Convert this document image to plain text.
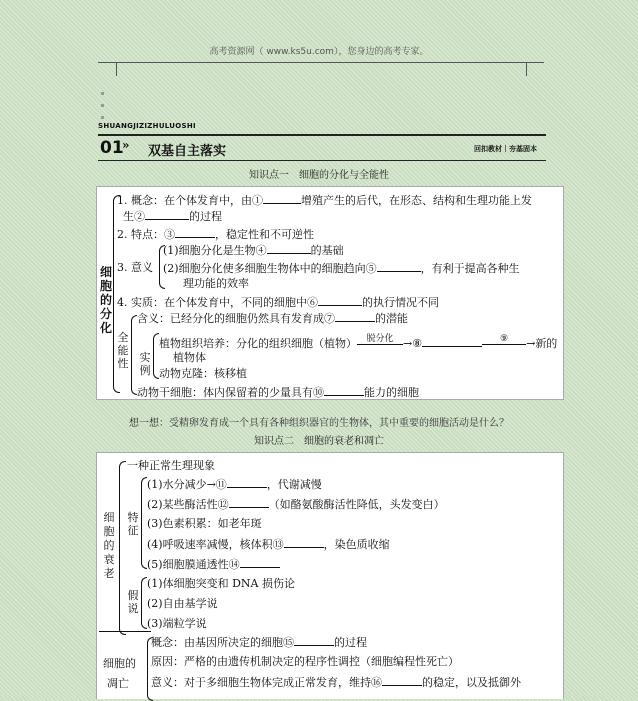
高考资源网（ www.ks5u.com），您身边的高考专家。
SHUANGJIZIZHULUOSHI
01
» 双基自主落实	回扣教材｜夯基固本
知识点一　细胞的分化与全能性
细
胞
的
分
化
1. 概念：在个体发育中，由①	增殖产生的后代，在形态、结构和生理功能上发
生②	的过程
2. 特点：③	，稳定性和不可逆性
3. 意义
(1)细胞分化是生物④	的基础
(2)细胞分化使多细胞生物体中的细胞趋向⑤	，有利于提高各种生
理功能的效率
4. 实质：在个体发育中，不同的细胞中⑥	的执行情况不同
全
能
性
含义：已经分化的细胞仍然具有发育成⑦	的潜能
实
例
植物组织培养：分化的组织细胞（植物） 脱分化 →⑧	⑨ →新的
植物体
动物克隆：核移植
动物干细胞：体内保留着的少量具有⑩	能力的细胞
想一想：受精卵发育成一个具有各种组织器官的生物体，其中重要的细胞活动是什么？
知识点二　细胞的衰老和凋亡
细
胞
的
衰
老
一种正常生理现象
特
征
(1)水分减少→⑪	，代谢减慢
(2)某些酶活性⑫	（如酪氨酸酶活性降低，头发变白）
(3)色素积累：如老年斑
(4)呼吸速率减慢，核体积⑬	，染色质收缩
(5)细胞膜通透性⑭
假
说
(1)体细胞突变和 DNA 损伤论
(2)自由基学说
(3)端粒学说
细胞的
凋亡
概念：由基因所决定的细胞⑮	的过程
原因：严格的由遗传机制决定的程序性调控（细胞编程性死亡）
意义：对于多细胞生物体完成正常发育，维持⑯	的稳定，以及抵御外
